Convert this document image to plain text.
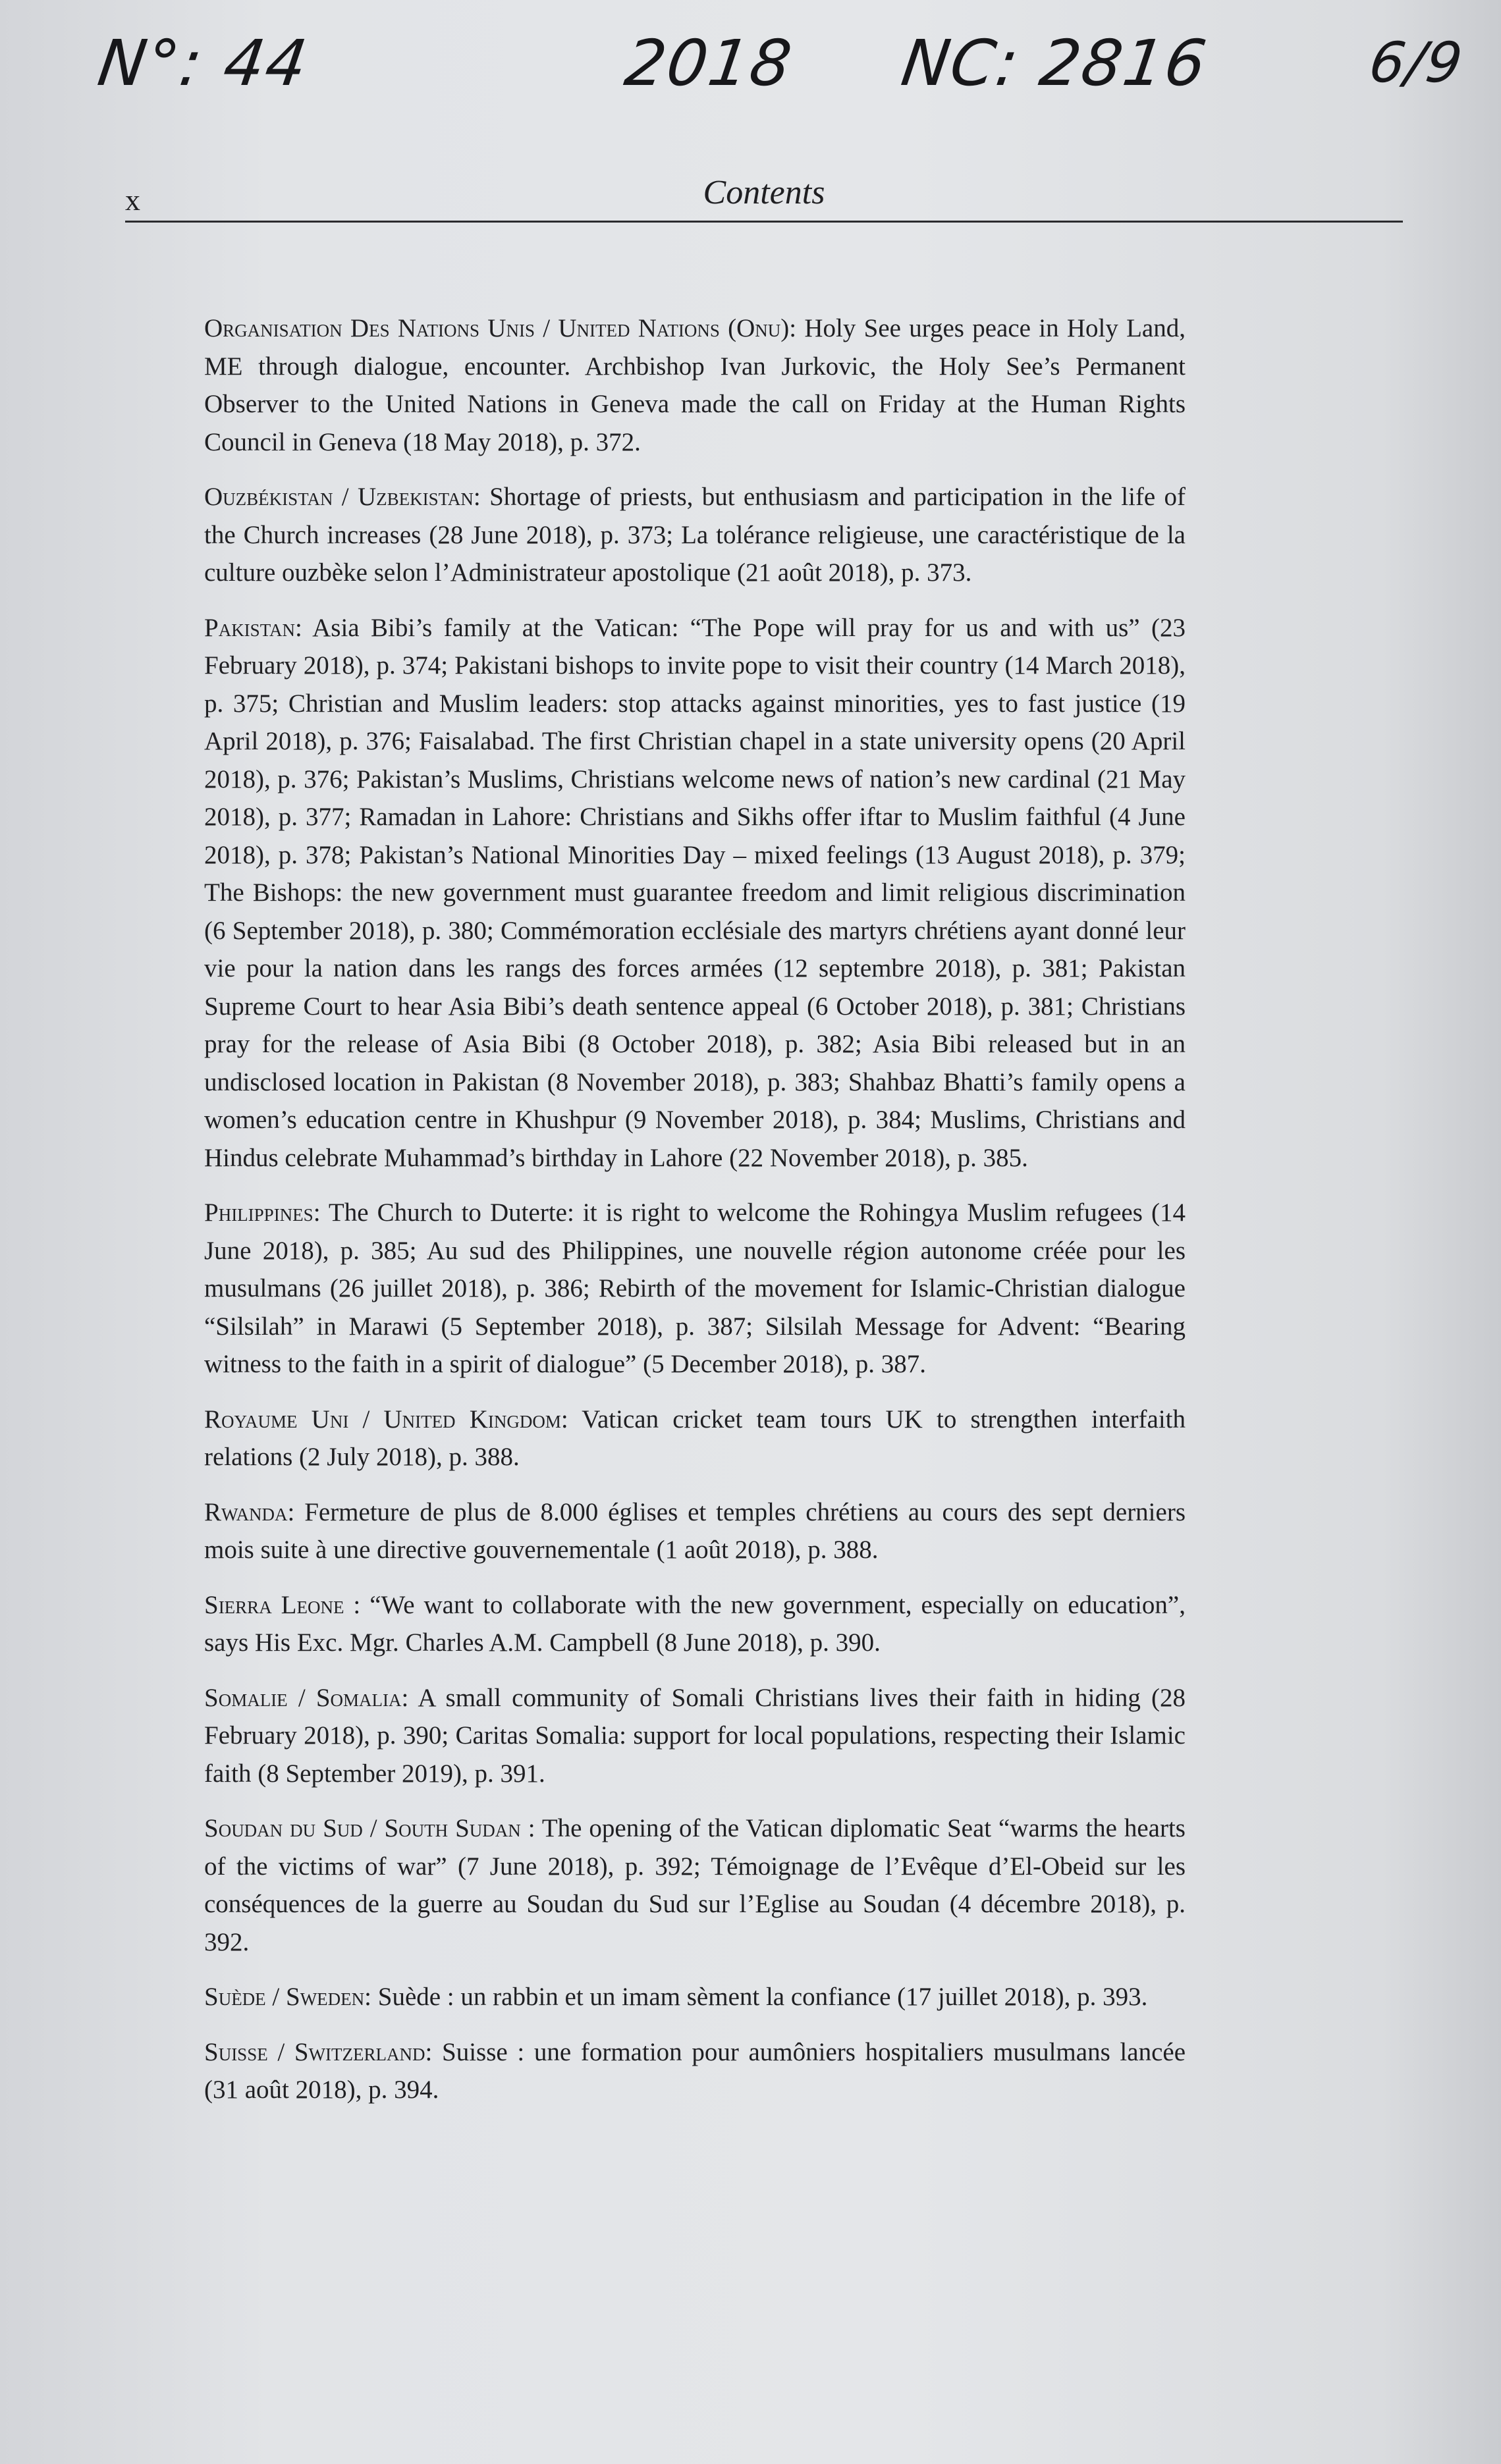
N°: 44	2018 NC: 2816	6/9
x	Contents

Organisation Des Nations Unis / United Nations (Onu): Holy See urges peace in Holy Land, ME through dialogue, encounter. Archbishop Ivan Jurkovic, the Holy See’s Permanent Observer to the United Nations in Geneva made the call on Friday at the Human Rights Council in Geneva (18 May 2018), p. 372.

Ouzbékistan / Uzbekistan: Shortage of priests, but enthusiasm and participation in the life of the Church increases (28 June 2018), p. 373; La tolérance religieuse, une caractéristique de la culture ouzbèke selon l’Administrateur apostolique (21 août 2018), p. 373.

Pakistan: Asia Bibi’s family at the Vatican: “The Pope will pray for us and with us” (23 February 2018), p. 374; Pakistani bishops to invite pope to visit their country (14 March 2018), p. 375; Christian and Muslim leaders: stop attacks against minorities, yes to fast justice (19 April 2018), p. 376; Faisalabad. The first Christian chapel in a state university opens (20 April 2018), p. 376; Pakistan’s Muslims, Christians welcome news of nation’s new cardinal (21 May 2018), p. 377; Ramadan in Lahore: Christians and Sikhs offer iftar to Muslim faithful (4 June 2018), p. 378; Pakistan’s National Minorities Day – mixed feelings (13 August 2018), p. 379; The Bishops: the new government must guarantee freedom and limit religious discrimination (6 September 2018), p. 380; Commémoration ecclésiale des martyrs chrétiens ayant donné leur vie pour la nation dans les rangs des forces armées (12 septembre 2018), p. 381; Pakistan Supreme Court to hear Asia Bibi’s death sentence appeal (6 October 2018), p. 381; Christians pray for the release of Asia Bibi (8 October 2018), p. 382; Asia Bibi released but in an undisclosed location in Pakistan (8 November 2018), p. 383; Shahbaz Bhatti’s family opens a women’s education centre in Khushpur (9 November 2018), p. 384; Muslims, Christians and Hindus celebrate Muhammad’s birthday in Lahore (22 November 2018), p. 385.

Philippines: The Church to Duterte: it is right to welcome the Rohingya Muslim refugees (14 June 2018), p. 385; Au sud des Philippines, une nouvelle région autonome créée pour les musulmans (26 juillet 2018), p. 386; Rebirth of the movement for Islamic-Christian dialogue “Silsilah” in Marawi (5 September 2018), p. 387; Silsilah Message for Advent: “Bearing witness to the faith in a spirit of dialogue” (5 December 2018), p. 387.

Royaume Uni / United Kingdom: Vatican cricket team tours UK to strengthen interfaith relations (2 July 2018), p. 388.

Rwanda: Fermeture de plus de 8.000 églises et temples chrétiens au cours des sept derniers mois suite à une directive gouvernementale (1 août 2018), p. 388.

Sierra Leone : “We want to collaborate with the new government, especially on education”, says His Exc. Mgr. Charles A.M. Campbell (8 June 2018), p. 390.

Somalie / Somalia: A small community of Somali Christians lives their faith in hiding (28 February 2018), p. 390; Caritas Somalia: support for local populations, respecting their Islamic faith (8 September 2019), p. 391.

Soudan du Sud / South Sudan : The opening of the Vatican diplomatic Seat “warms the hearts of the victims of war” (7 June 2018), p. 392; Témoignage de l’Evêque d’El-Obeid sur les conséquences de la guerre au Soudan du Sud sur l’Eglise au Soudan (4 décembre 2018), p. 392.

Suède / Sweden: Suède : un rabbin et un imam sèment la confiance (17 juillet 2018), p. 393.

Suisse / Switzerland: Suisse : une formation pour aumôniers hospitaliers musulmans lancée (31 août 2018), p. 394.
